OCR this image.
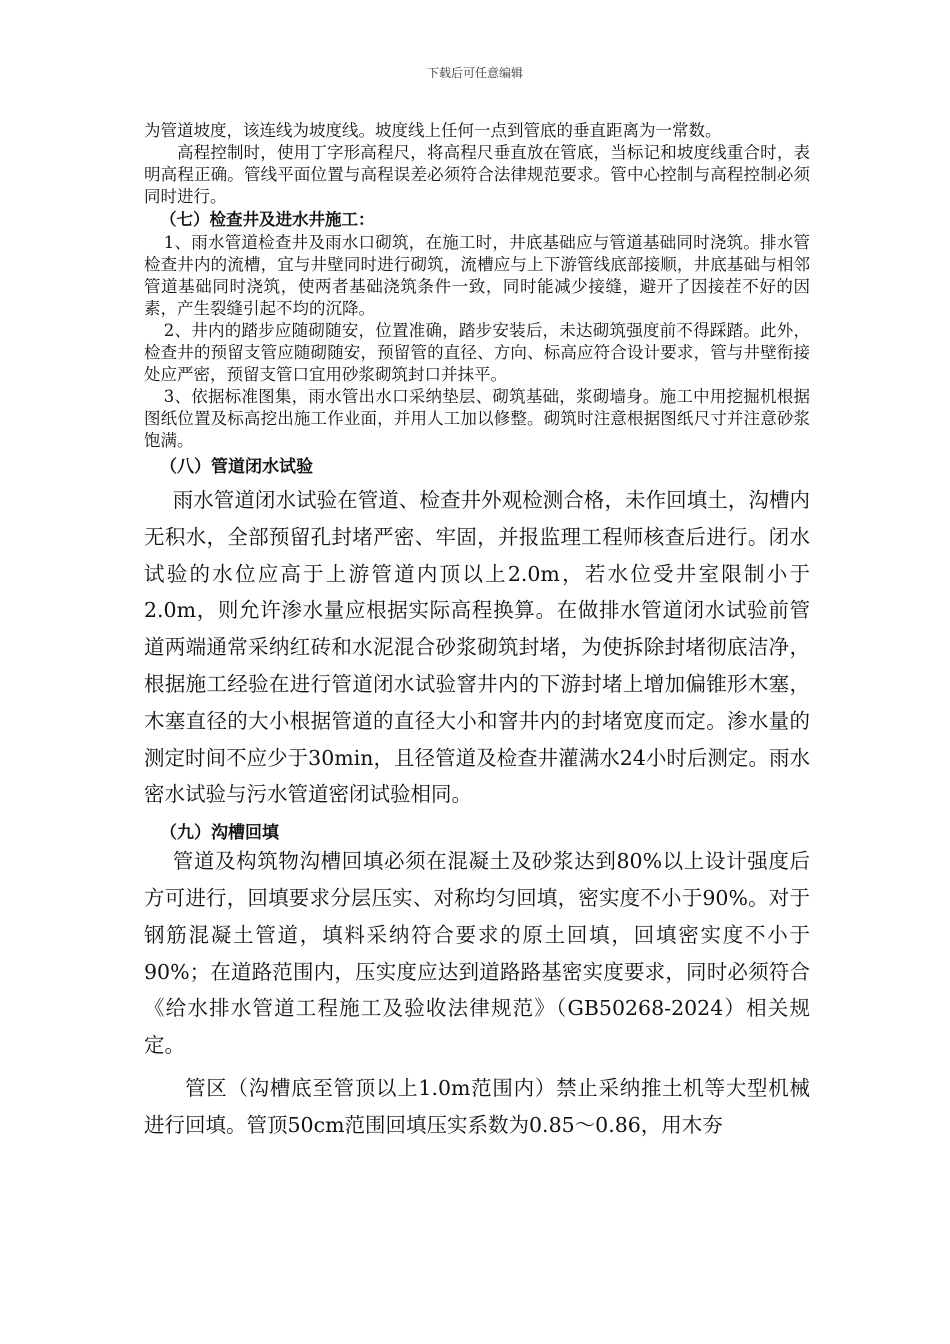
下载后可任意编辑

为管道坡度，该连线为坡度线。坡度线上任何一点到管底的垂直距离为一常数。

高程控制时，使用丁字形高程尺，将高程尺垂直放在管底，当标记和坡度线重合时，表明高程正确。管线平面位置与高程误差必须符合法律规范要求。管中心控制与高程控制必须同时进行。

（七）检查井及进水井施工：

1、雨水管道检查井及雨水口砌筑，在施工时，井底基础应与管道基础同时浇筑。排水管检查井内的流槽，宜与井壁同时进行砌筑，流槽应与上下游管线底部接顺，井底基础与相邻管道基础同时浇筑，使两者基础浇筑条件一致，同时能减少接缝，避开了因接茬不好的因素，产生裂缝引起不均的沉降。

2、井内的踏步应随砌随安，位置准确，踏步安装后，未达砌筑强度前不得踩踏。此外，检查井的预留支管应随砌随安，预留管的直径、方向、标高应符合设计要求，管与井壁衔接处应严密，预留支管口宜用砂浆砌筑封口并抹平。

3、依据标准图集，雨水管出水口采纳垫层、砌筑基础，浆砌墙身。施工中用挖掘机根据图纸位置及标高挖出施工作业面，并用人工加以修整。砌筑时注意根据图纸尺寸并注意砂浆饱满。

（八）管道闭水试验

雨水管道闭水试验在管道、检查井外观检测合格，未作回填土，沟槽内无积水，全部预留孔封堵严密、牢固，并报监理工程师核查后进行。闭水试验的水位应高于上游管道内顶以上2.0m，若水位受井室限制小于2.0m，则允许渗水量应根据实际高程换算。在做排水管道闭水试验前管道两端通常采纳红砖和水泥混合砂浆砌筑封堵，为使拆除封堵彻底洁净，根据施工经验在进行管道闭水试验窨井内的下游封堵上增加偏锥形木塞，木塞直径的大小根据管道的直径大小和窨井内的封堵宽度而定。渗水量的测定时间不应少于30min，且径管道及检查井灌满水24小时后测定。雨水密水试验与污水管道密闭试验相同。

（九）沟槽回填

管道及构筑物沟槽回填必须在混凝土及砂浆达到80%以上设计强度后方可进行，回填要求分层压实、对称均匀回填，密实度不小于90%。对于钢筋混凝土管道，填料采纳符合要求的原土回填，回填密实度不小于90%；在道路范围内，压实度应达到道路路基密实度要求，同时必须符合《给水排水管道工程施工及验收法律规范》（GB50268-2024）相关规定。

管区（沟槽底至管顶以上1.0m范围内）禁止采纳推土机等大型机械进行回填。管顶50cm范围回填压实系数为0.85～0.86，用木夯
